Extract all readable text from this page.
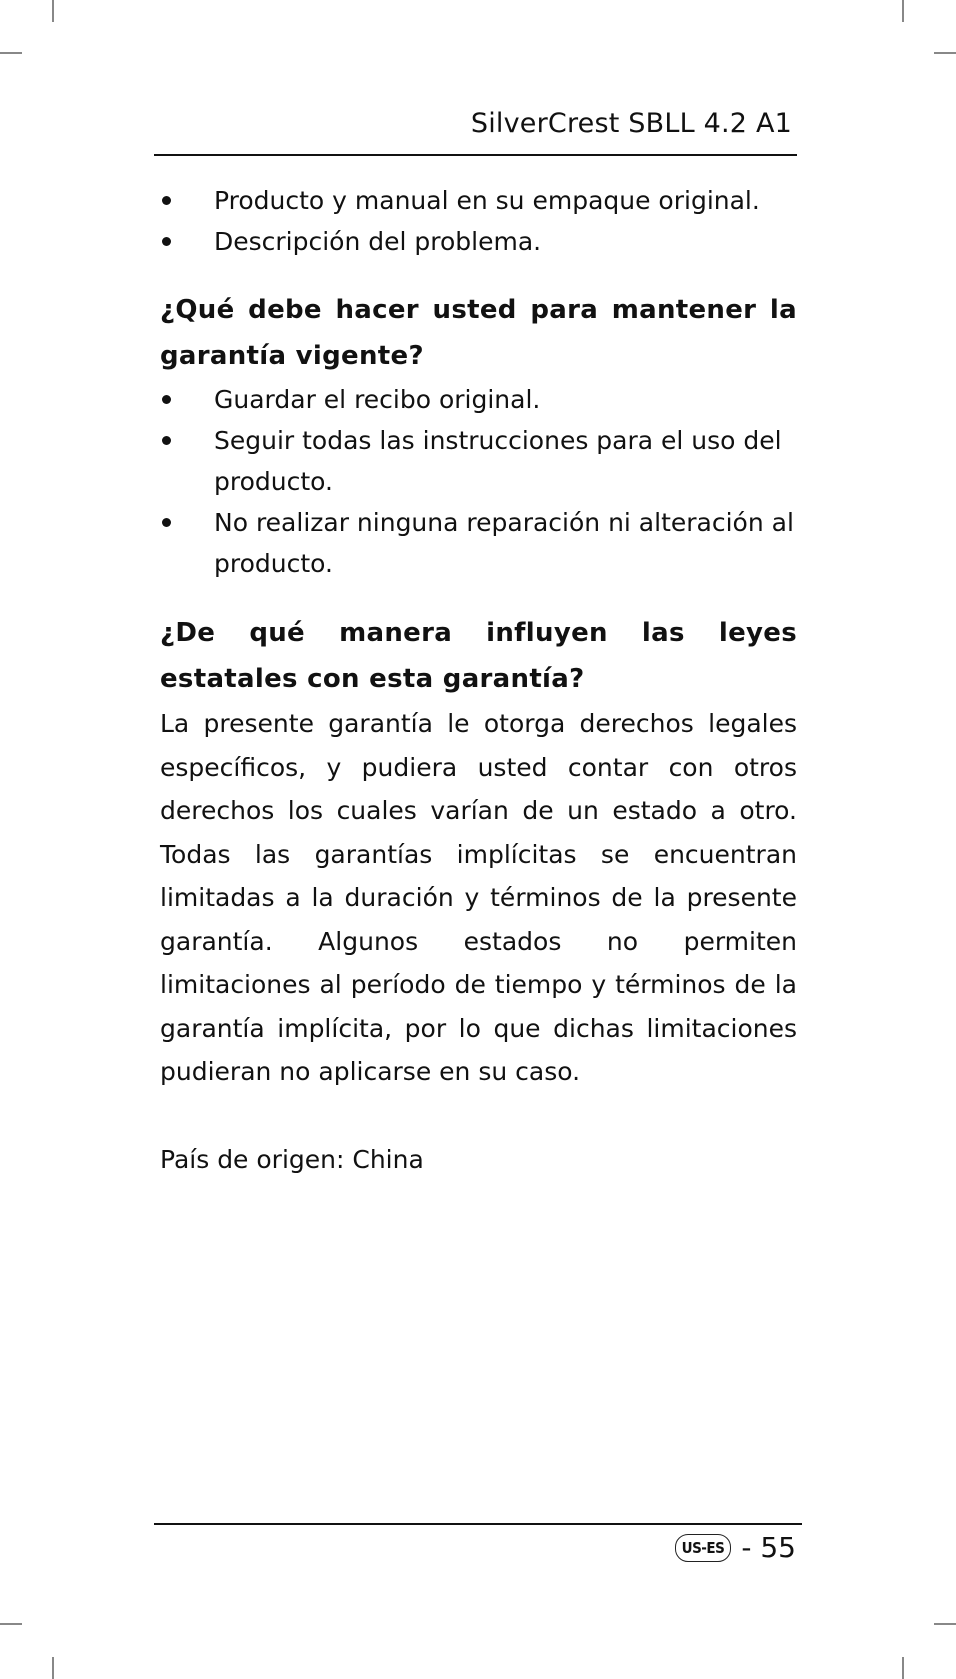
SilverCrest SBLL 4.2 A1
Producto y manual en su empaque original.
Descripción del problema.
¿Qué debe hacer usted para mantener la garantía vigente?
Guardar el recibo original.
Seguir todas las instrucciones para el uso del producto.
No realizar ninguna reparación ni alteración al producto.
¿De qué manera influyen las leyes estatales con esta garantía?

La presente garantía le otorga derechos legales específicos, y pudiera usted contar con otros derechos los cuales varían de un estado a otro. Todas las garantías implícitas se encuentran limitadas a la duración y términos de la presente garantía. Algunos estados no permiten limitaciones al período de tiempo y términos de la garantía implícita, por lo que dichas limitaciones pudieran no aplicarse en su caso.

País de origen: China

US-ES - 55
